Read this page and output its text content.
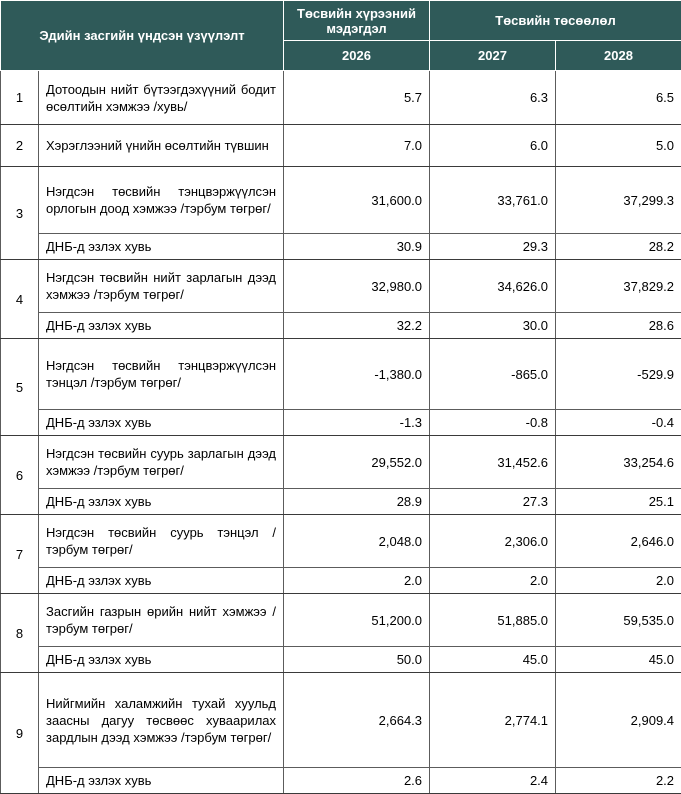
Эдийн засгийн үндсэн үзүүлэлт		Төсвийн хүрээний мэдэгдэл	Төсвийн төсөөлөл	
		2026	2027	2028
1	Дотоодын нийт бүтээгдэхүүний бодит өсөлтийн хэмжээ /хувь/	5.7	6.3	6.5
2	Хэрэглээний үнийн өсөлтийн түвшин	7.0	6.0	5.0
3	Нэгдсэн төсвийн тэнцвэржүүлсэн орлогын доод хэмжээ /тэрбум төгрөг/	31,600.0	33,761.0	37,299.3
	ДНБ-д эзлэх хувь	30.9	29.3	28.2
4	Нэгдсэн төсвийн нийт зарлагын дээд хэмжээ /тэрбум төгрөг/	32,980.0	34,626.0	37,829.2
	ДНБ-д эзлэх хувь	32.2	30.0	28.6
5	Нэгдсэн төсвийн тэнцвэржүүлсэн тэнцэл /тэрбум төгрөг/	-1,380.0	-865.0	-529.9
	ДНБ-д эзлэх хувь	-1.3	-0.8	-0.4
6	Нэгдсэн төсвийн суурь зарлагын дээд хэмжээ /тэрбум төгрөг/	29,552.0	31,452.6	33,254.6
	ДНБ-д эзлэх хувь	28.9	27.3	25.1
7	Нэгдсэн төсвийн суурь тэнцэл /тэрбум төгрөг/	2,048.0	2,306.0	2,646.0
	ДНБ-д эзлэх хувь	2.0	2.0	2.0
8	Засгийн газрын өрийн нийт хэмжээ /тэрбум төгрөг/	51,200.0	51,885.0	59,535.0
	ДНБ-д эзлэх хувь	50.0	45.0	45.0
9	Нийгмийн халамжийн тухай хуульд заасны дагуу төсвөөс хуваарилах зардлын дээд хэмжээ /тэрбум төгрөг/	2,664.3	2,774.1	2,909.4
	ДНБ-д эзлэх хувь	2.6	2.4	2.2
